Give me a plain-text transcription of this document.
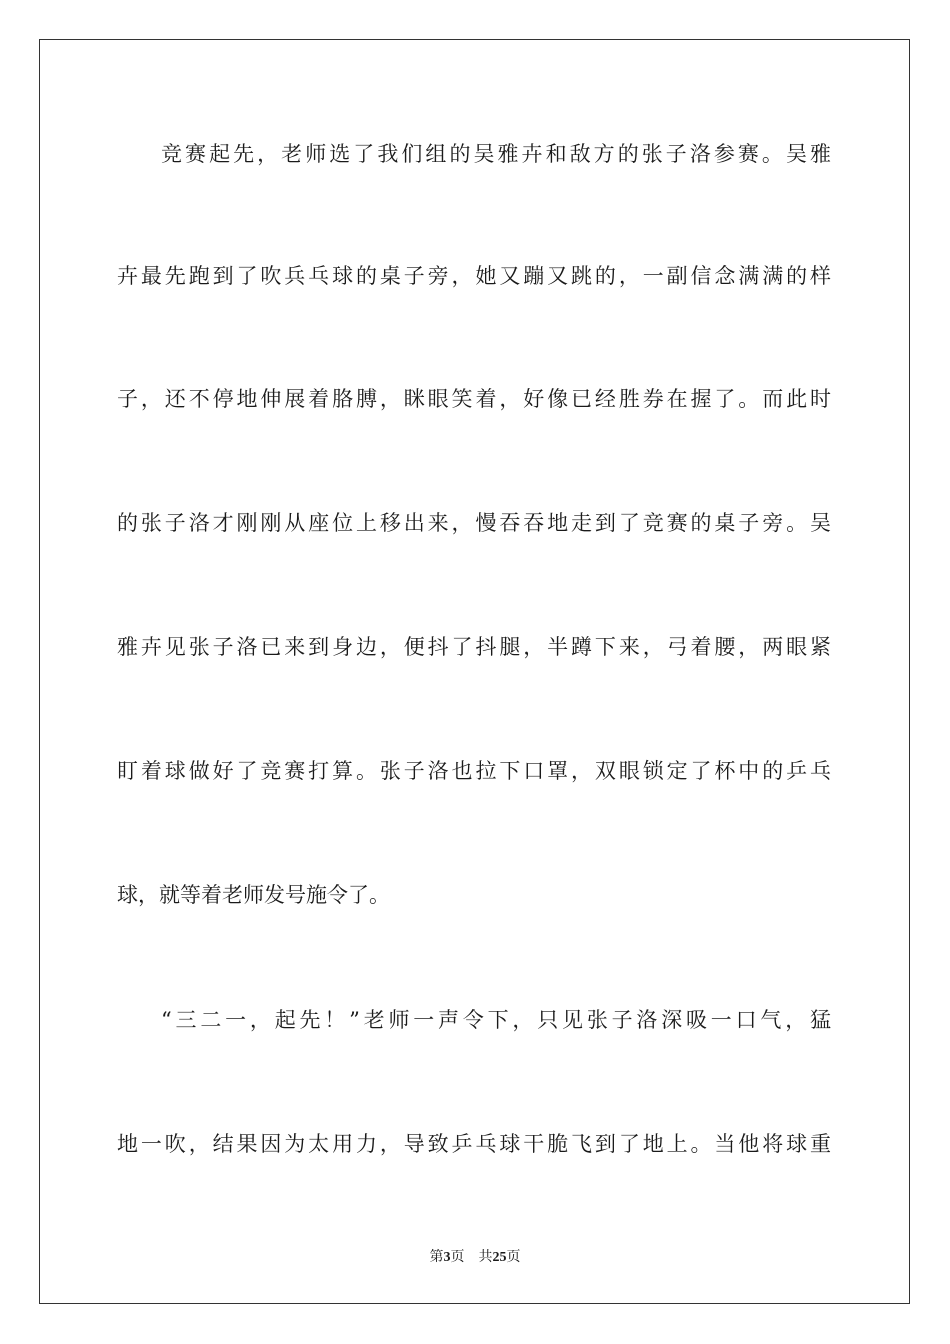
竞赛起先，老师选了我们组的吴雅卉和敌方的张子洛参赛。吴雅

卉最先跑到了吹兵乓球的桌子旁，她又蹦又跳的，一副信念满满的样

子，还不停地伸展着胳膊，眯眼笑着，好像已经胜券在握了。而此时

的张子洛才刚刚从座位上移出来，慢吞吞地走到了竞赛的桌子旁。吴

雅卉见张子洛已来到身边，便抖了抖腿，半蹲下来，弓着腰，两眼紧

盯着球做好了竞赛打算。张子洛也拉下口罩，双眼锁定了杯中的乒乓

球，就等着老师发号施令了。

“三二一，起先！”老师一声令下，只见张子洛深吸一口气，猛

地一吹，结果因为太用力，导致乒乓球干脆飞到了地上。当他将球重

第3页 共25页
